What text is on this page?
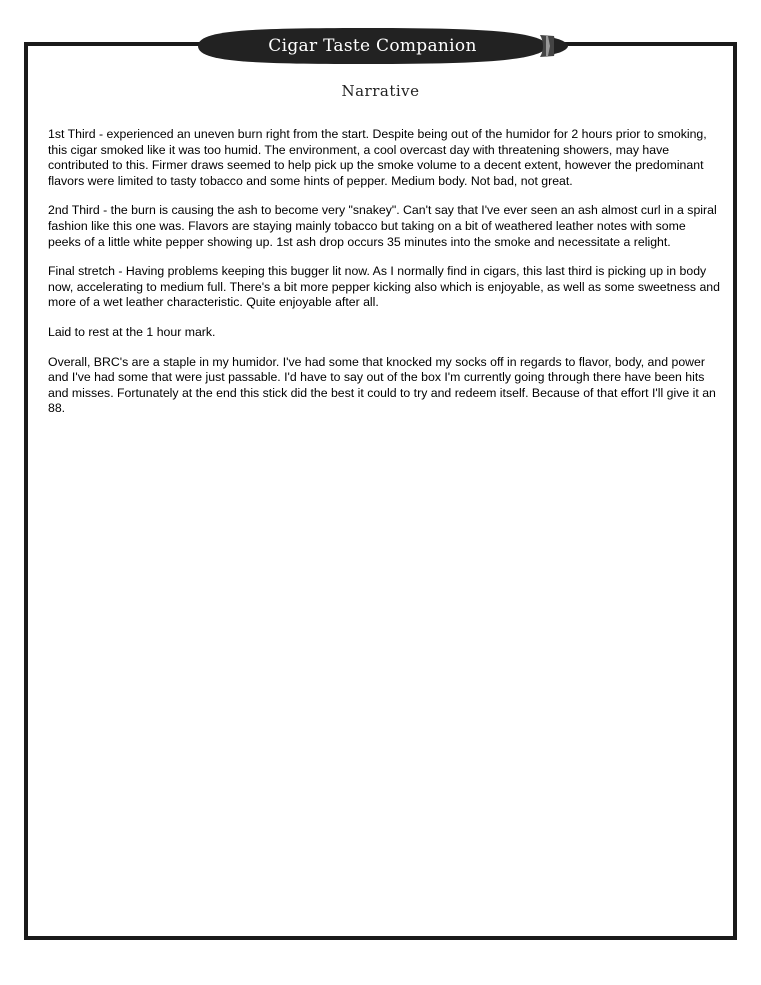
Cigar Taste Companion
Narrative

1st Third - experienced an uneven burn right from the start. Despite being out of the humidor for 2 hours prior to smoking, this cigar smoked like it was too humid. The environment, a cool overcast day with threatening showers, may have contributed to this. Firmer draws seemed to help pick up the smoke volume to a decent extent, however the predominant flavors were limited to tasty tobacco and some hints of pepper. Medium body. Not bad, not great.

2nd Third - the burn is causing the ash to become very "snakey". Can't say that I've ever seen an ash almost curl in a spiral fashion like this one was. Flavors are staying mainly tobacco but taking on a bit of weathered leather notes with some peeks of a little white pepper showing up. 1st ash drop occurs 35 minutes into the smoke and necessitate a relight.

Final stretch - Having problems keeping this bugger lit now. As I normally find in cigars, this last third is picking up in body now, accelerating to medium full. There's a bit more pepper kicking also which is enjoyable, as well as some sweetness and more of a wet leather characteristic. Quite enjoyable after all.

Laid to rest at the 1 hour mark.

Overall, BRC's are a staple in my humidor. I've had some that knocked my socks off in regards to flavor, body, and power and I've had some that were just passable. I'd have to say out of the box I'm currently going through there have been hits and misses. Fortunately at the end this stick did the best it could to try and redeem itself. Because of that effort I'll give it an 88.
